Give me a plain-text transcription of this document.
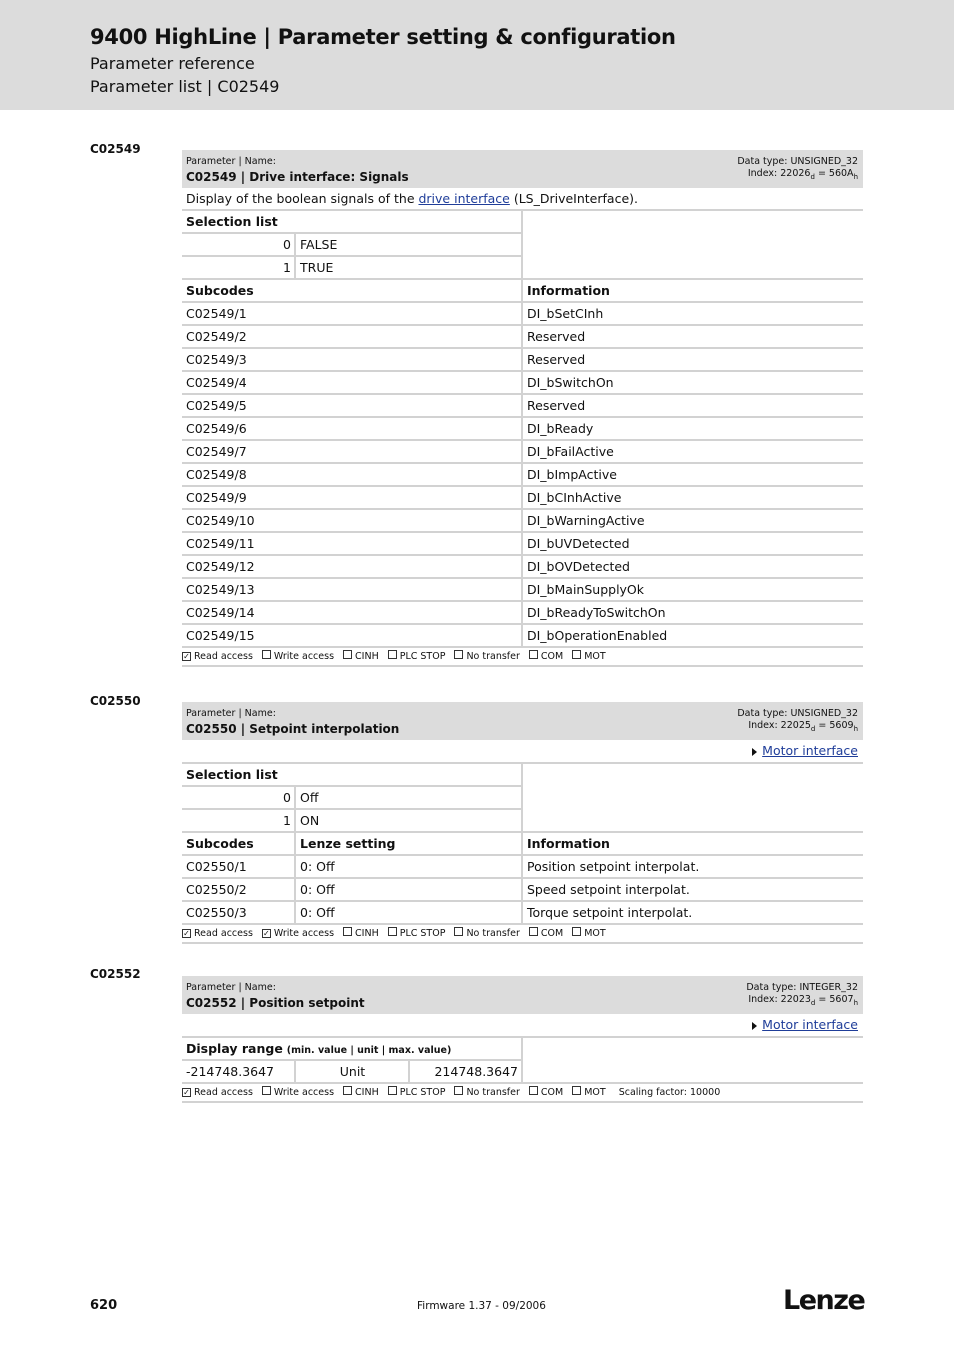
9400 HighLine | Parameter setting & configuration
Parameter reference
Parameter list | C02549
C02549
Parameter | Name:
C02549 | Drive interface: Signals
Data type: UNSIGNED_32
Index: $22026_d = 560A_h$
Display of the boolean signals of the drive interface (LS_DriveInterface).
Selection list
0 FALSE
1 TRUE
Subcodes	Information
C02549/1	DI_bSetCInh
C02549/2	Reserved
C02549/3	Reserved
C02549/4	DI_bSwitchOn
C02549/5	Reserved
C02549/6	DI_bReady
C02549/7	DI_bFailActive
C02549/8	DI_bImpActive
C02549/9	DI_bCInhActive
C02549/10	DI_bWarningActive
C02549/11	DI_bUVDetected
C02549/12	DI_bOVDetected
C02549/13	DI_bMainSupplyOk
C02549/14	DI_bReadyToSwitchOn
C02549/15	DI_bOperationEnabled
✓ Read access Write access CINH PLC STOP No transfer COM MOT
C02550
Parameter | Name:
C02550 | Setpoint interpolation
Data type: UNSIGNED_32
Index: $22025_d = 5609_h$
Motor interface
Selection list
0 Off
1 ON
Subcodes	Lenze setting	Information
C02550/1	0: Off	Position setpoint interpolat.
C02550/2	0: Off	Speed setpoint interpolat.
C02550/3	0: Off	Torque setpoint interpolat.
✓ Read access ✓ Write access CINH PLC STOP No transfer COM MOT
C02552
Parameter | Name:
C02552 | Position setpoint
Data type: INTEGER_32
Index: $22023_d = 5607_h$
Motor interface
Display range (min. value | unit | max. value)
-214748.3647	Unit	214748.3647
✓ Read access Write access CINH PLC STOP No transfer COM MOT Scaling factor: 10000
620	Firmware 1.37 - 09/2006	Lenze
